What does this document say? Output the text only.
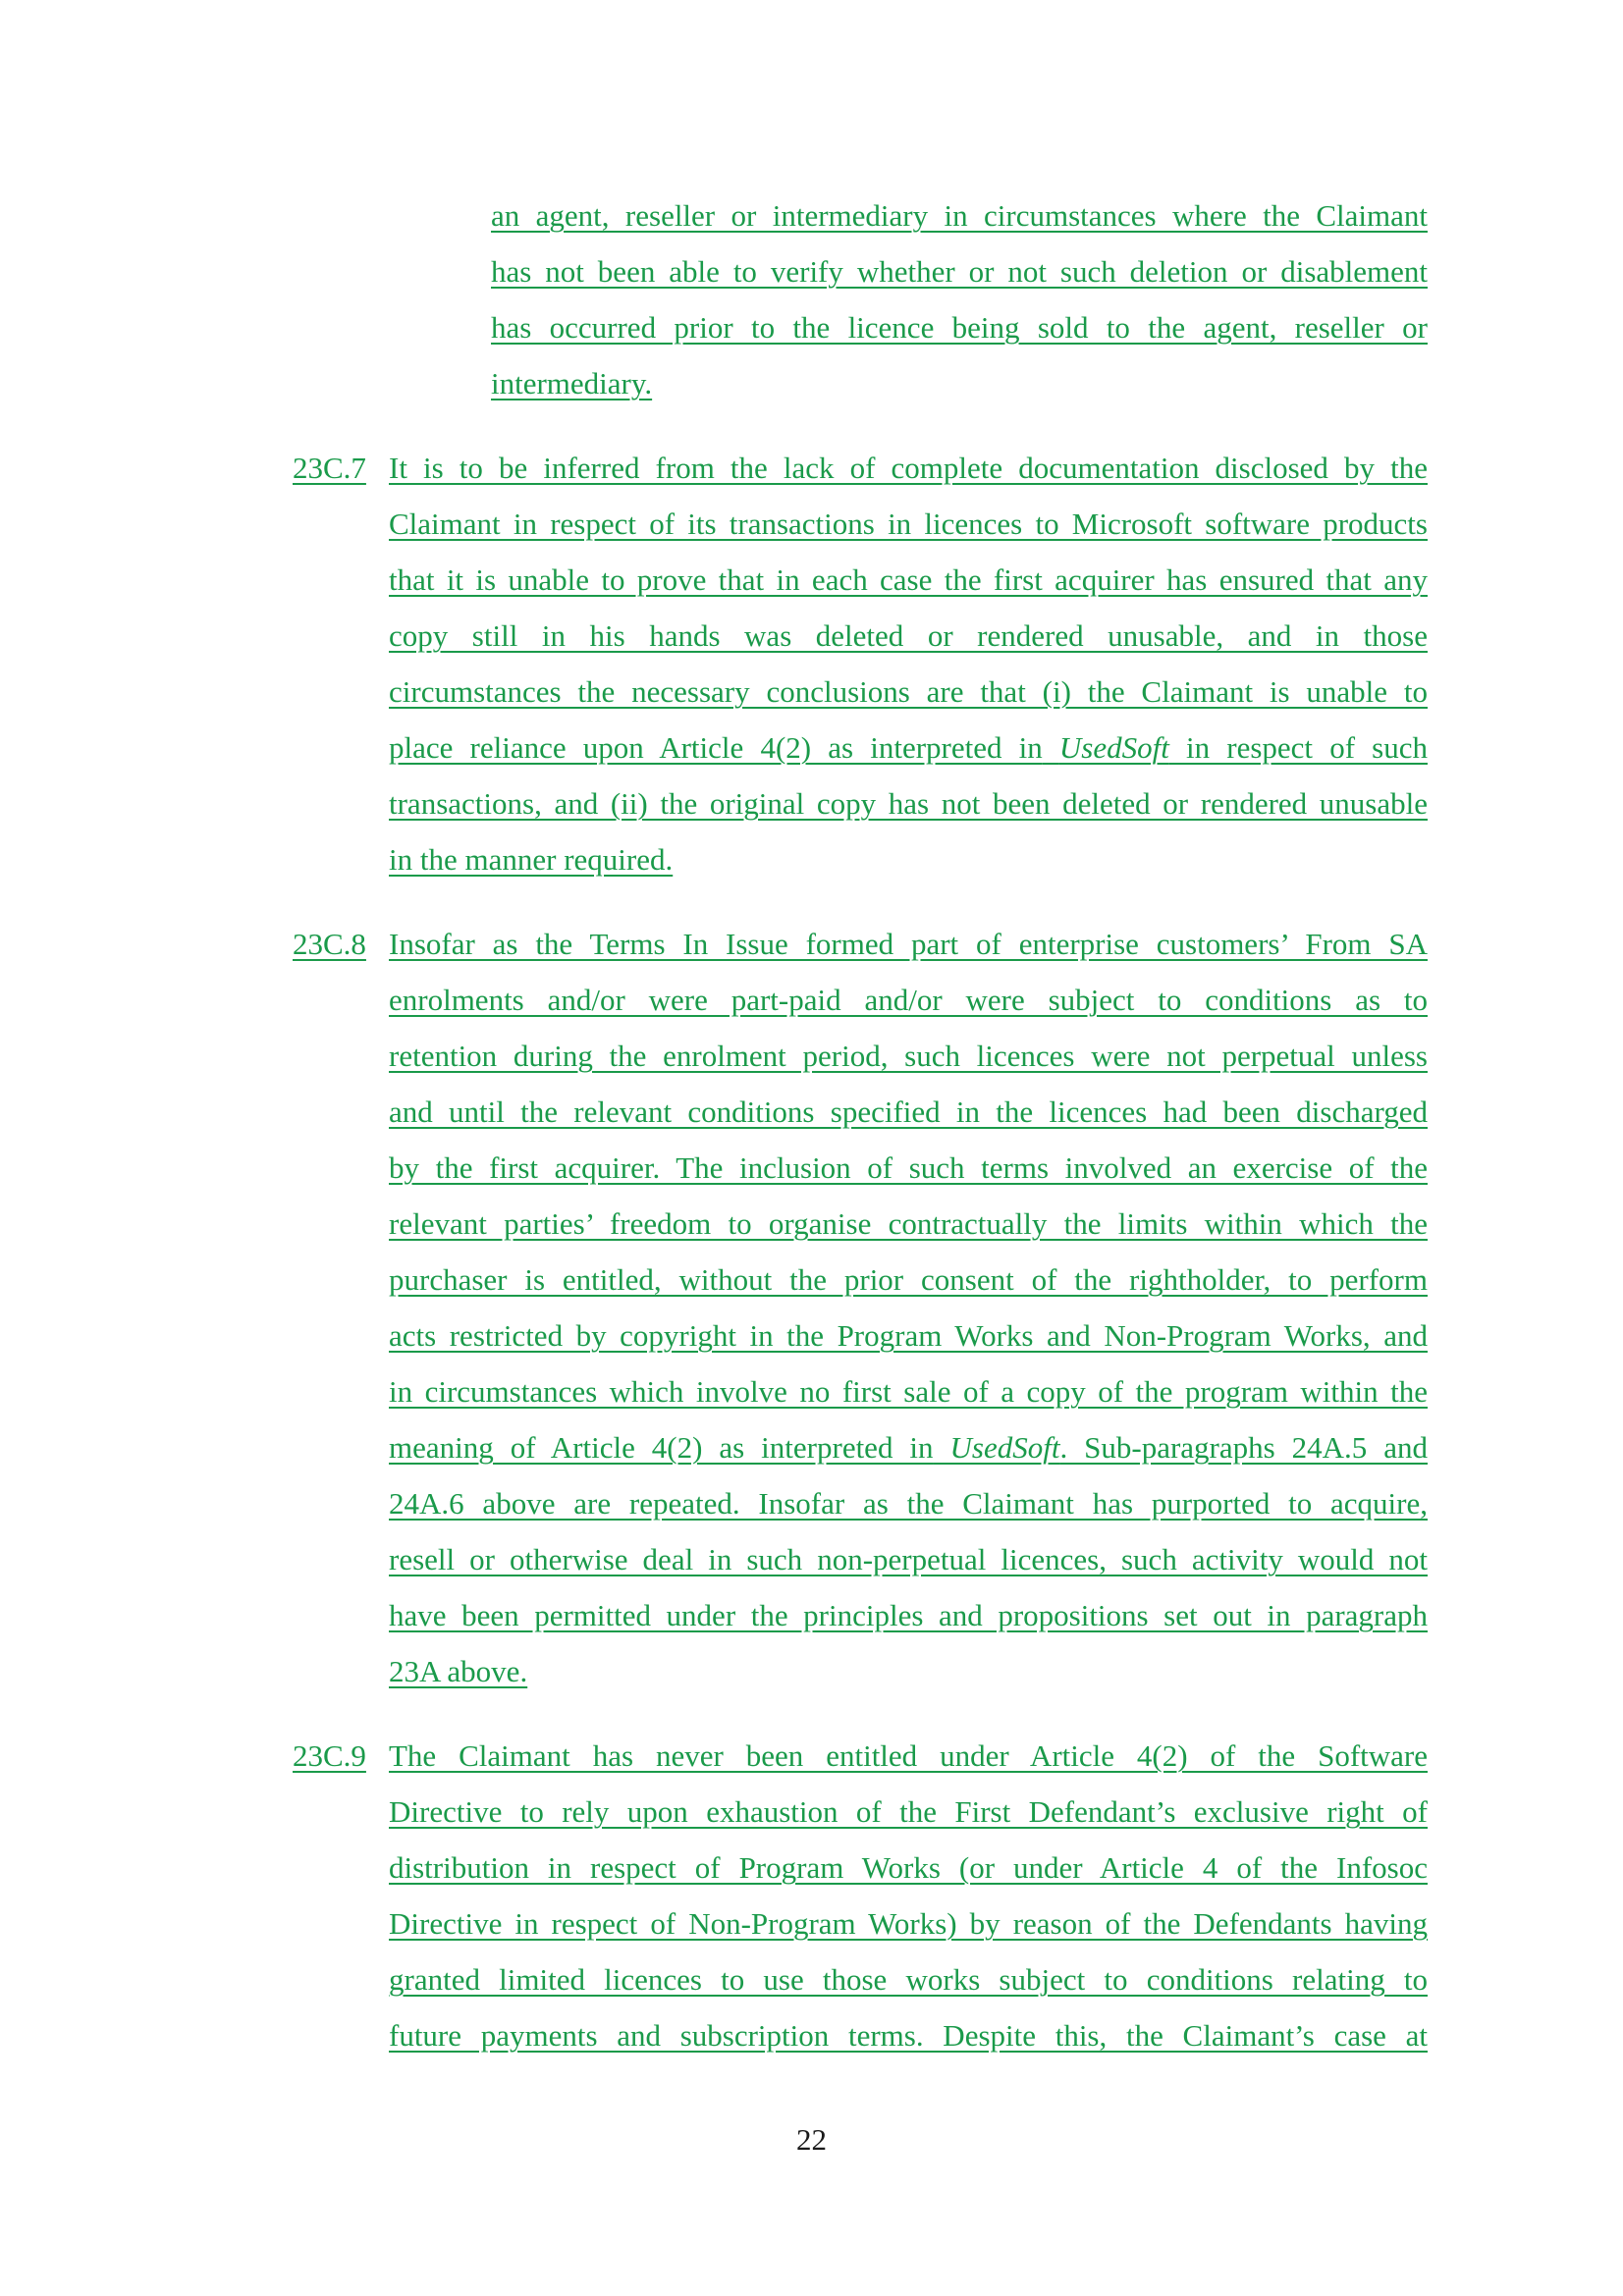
an agent, reseller or intermediary in circumstances where the Claimant
has not been able to verify whether or not such deletion or disablement
has occurred prior to the licence being sold to the agent, reseller or
intermediary.
23C.7 It is to be inferred from the lack of complete documentation disclosed by the
Claimant in respect of its transactions in licences to Microsoft software products
that it is unable to prove that in each case the first acquirer has ensured that any
copy still in his hands was deleted or rendered unusable, and in those
circumstances the necessary conclusions are that (i) the Claimant is unable to
place reliance upon Article 4(2) as interpreted in UsedSoft in respect of such
transactions, and (ii) the original copy has not been deleted or rendered unusable
in the manner required.
23C.8 Insofar as the Terms In Issue formed part of enterprise customers’ From SA
enrolments and/or were part-paid and/or were subject to conditions as to
retention during the enrolment period, such licences were not perpetual unless
and until the relevant conditions specified in the licences had been discharged
by the first acquirer. The inclusion of such terms involved an exercise of the
relevant parties’ freedom to organise contractually the limits within which the
purchaser is entitled, without the prior consent of the rightholder, to perform
acts restricted by copyright in the Program Works and Non-Program Works, and
in circumstances which involve no first sale of a copy of the program within the
meaning of Article 4(2) as interpreted in UsedSoft. Sub-paragraphs 24A.5 and
24A.6 above are repeated. Insofar as the Claimant has purported to acquire,
resell or otherwise deal in such non-perpetual licences, such activity would not
have been permitted under the principles and propositions set out in paragraph
23A above.
23C.9 The Claimant has never been entitled under Article 4(2) of the Software
Directive to rely upon exhaustion of the First Defendant’s exclusive right of
distribution in respect of Program Works (or under Article 4 of the Infosoc
Directive in respect of Non-Program Works) by reason of the Defendants having
granted limited licences to use those works subject to conditions relating to
future payments and subscription terms. Despite this, the Claimant’s case at
22
